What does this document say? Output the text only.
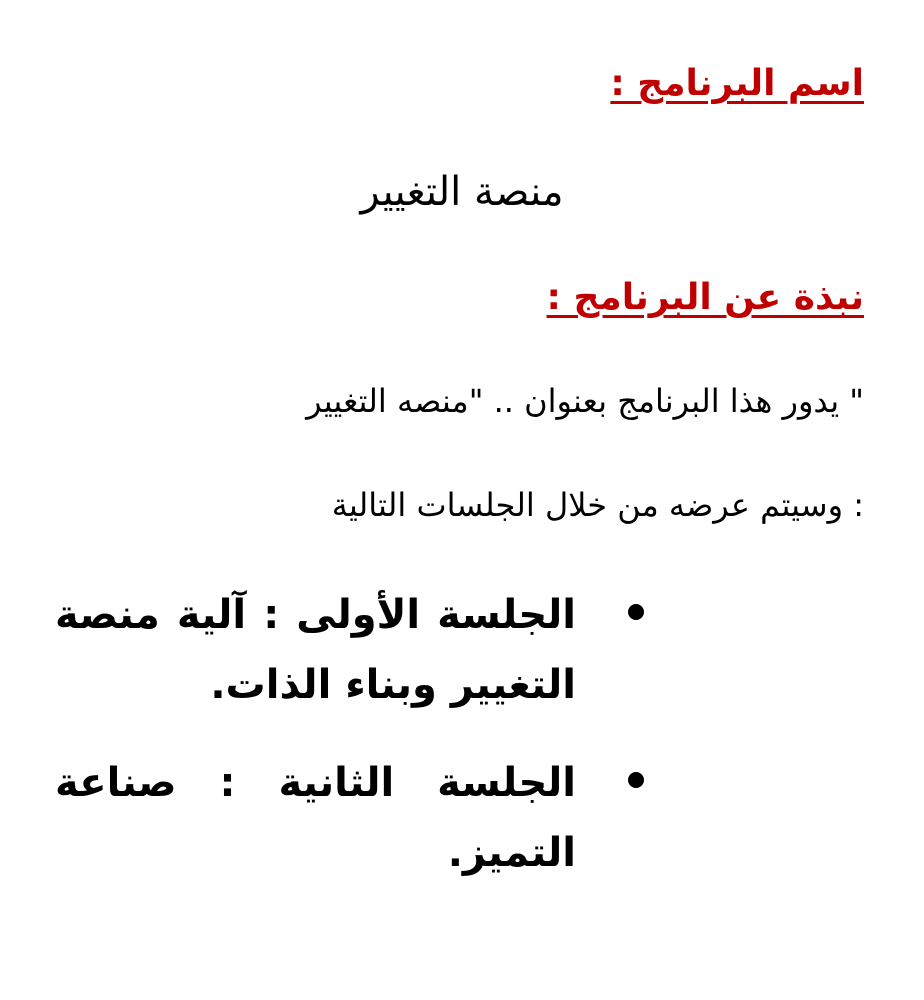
اسم البرنامج :

منصة التغيير

نبذة عن البرنامج :

" يدور هذا البرنامج بعنوان .. "منصه التغيير

: وسيتم عرضه من خلال الجلسات التالية

الجلسة الأولى : آلية منصة التغيير وبناء الذات.
الجلسة الثانية : صناعة التميز.
